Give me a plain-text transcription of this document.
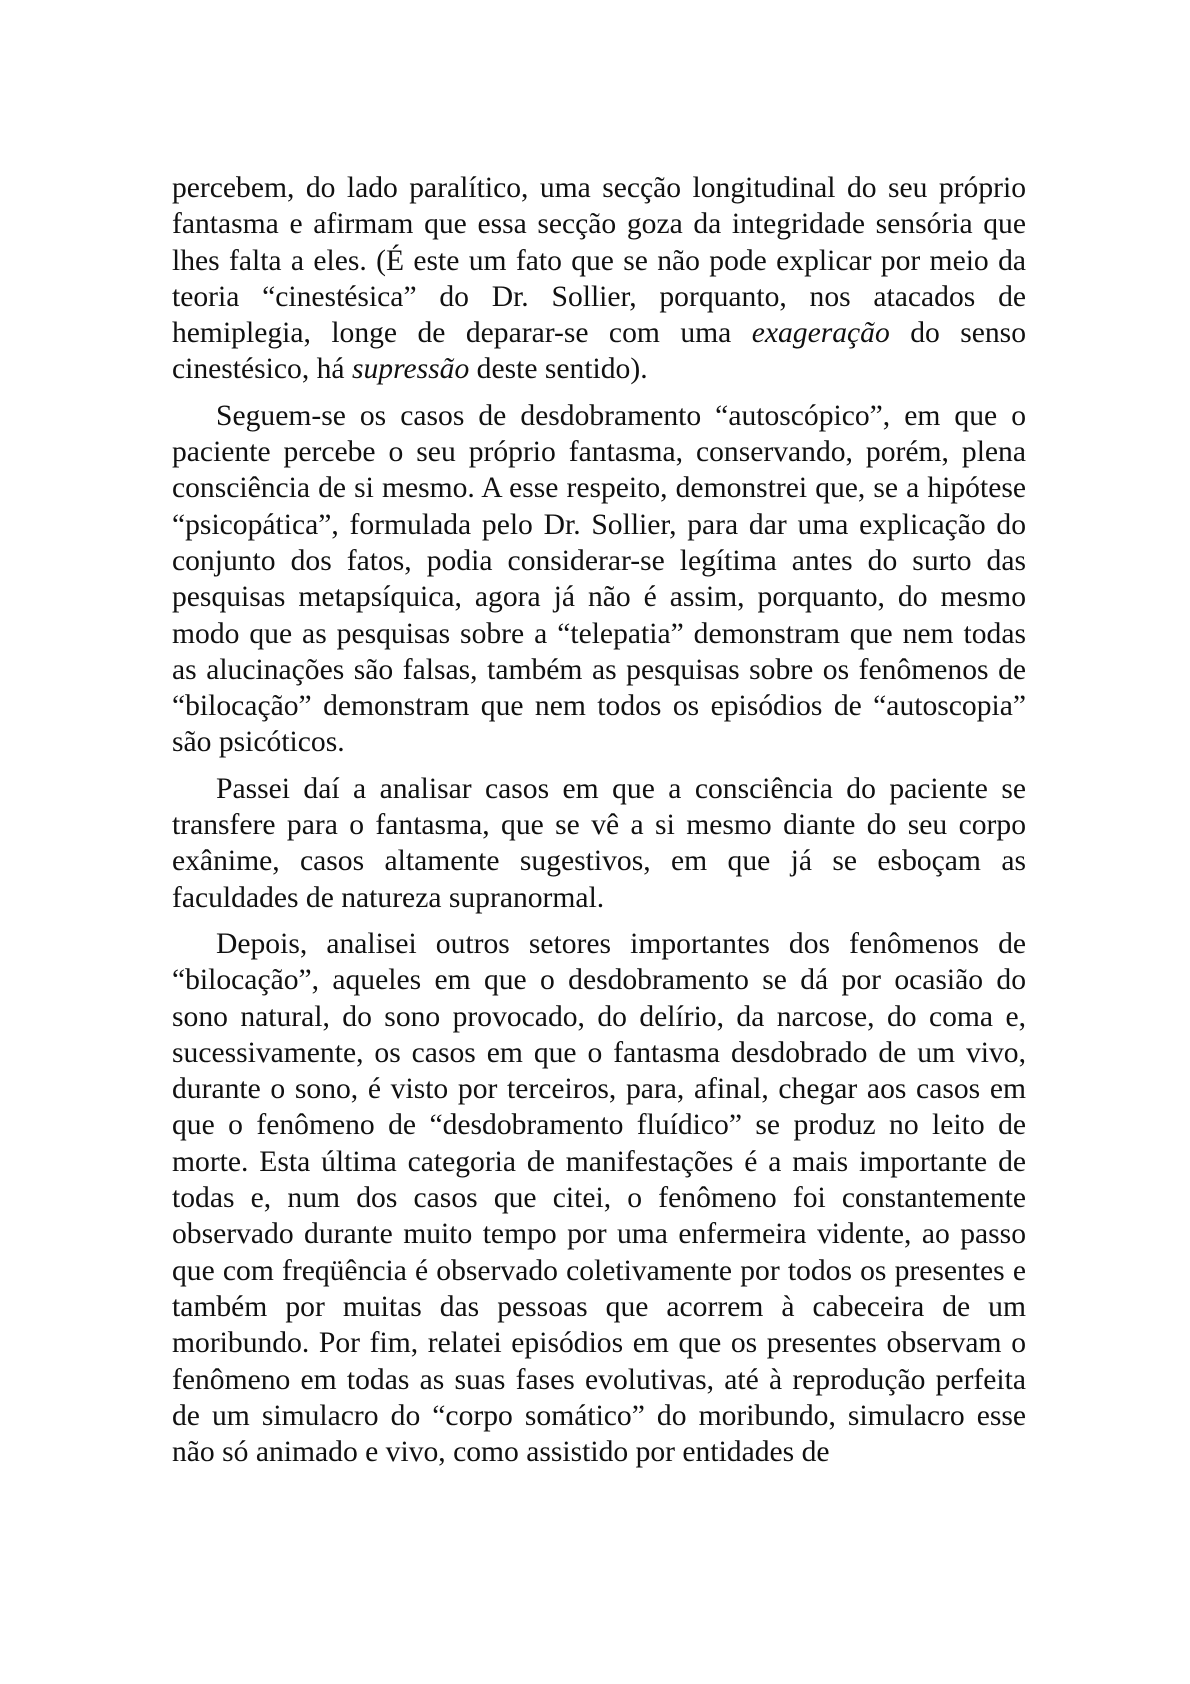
percebem, do lado paralítico, uma secção longitudinal do seu próprio fantasma e afirmam que essa secção goza da integridade sensória que lhes falta a eles. (É este um fato que se não pode explicar por meio da teoria “cinestésica” do Dr. Sollier, porquanto, nos atacados de hemiplegia, longe de deparar-se com uma exageração do senso cinestésico, há supressão deste sentido).

Seguem-se os casos de desdobramento “autoscópico”, em que o paciente percebe o seu próprio fantasma, conservando, porém, plena consciência de si mesmo. A esse respeito, demonstrei que, se a hipótese “psicopática”, formulada pelo Dr. Sollier, para dar uma explicação do conjunto dos fatos, podia considerar-se legítima antes do surto das pesquisas metapsíquica, agora já não é assim, porquanto, do mesmo modo que as pesquisas sobre a “telepatia” demonstram que nem todas as alucinações são falsas, também as pesquisas sobre os fenômenos de “bilocação” demonstram que nem todos os episódios de “autoscopia” são psicóticos.

Passei daí a analisar casos em que a consciência do paciente se transfere para o fantasma, que se vê a si mesmo diante do seu corpo exânime, casos altamente sugestivos, em que já se esboçam as faculdades de natureza supranormal.

Depois, analisei outros setores importantes dos fenômenos de “bilocação”, aqueles em que o desdobramento se dá por ocasião do sono natural, do sono provocado, do delírio, da narcose, do coma e, sucessivamente, os casos em que o fantasma desdobrado de um vivo, durante o sono, é visto por terceiros, para, afinal, chegar aos casos em que o fenômeno de “desdobramento fluídico” se produz no leito de morte. Esta última categoria de manifestações é a mais importante de todas e, num dos casos que citei, o fenômeno foi constantemente observado durante muito tempo por uma enfermeira vidente, ao passo que com freqüência é observado coletivamente por todos os presentes e também por muitas das pessoas que acorrem à cabeceira de um moribundo. Por fim, relatei episódios em que os presentes observam o fenômeno em todas as suas fases evolutivas, até à reprodução perfeita de um simulacro do “corpo somático” do moribundo, simulacro esse não só animado e vivo, como assistido por entidades de
